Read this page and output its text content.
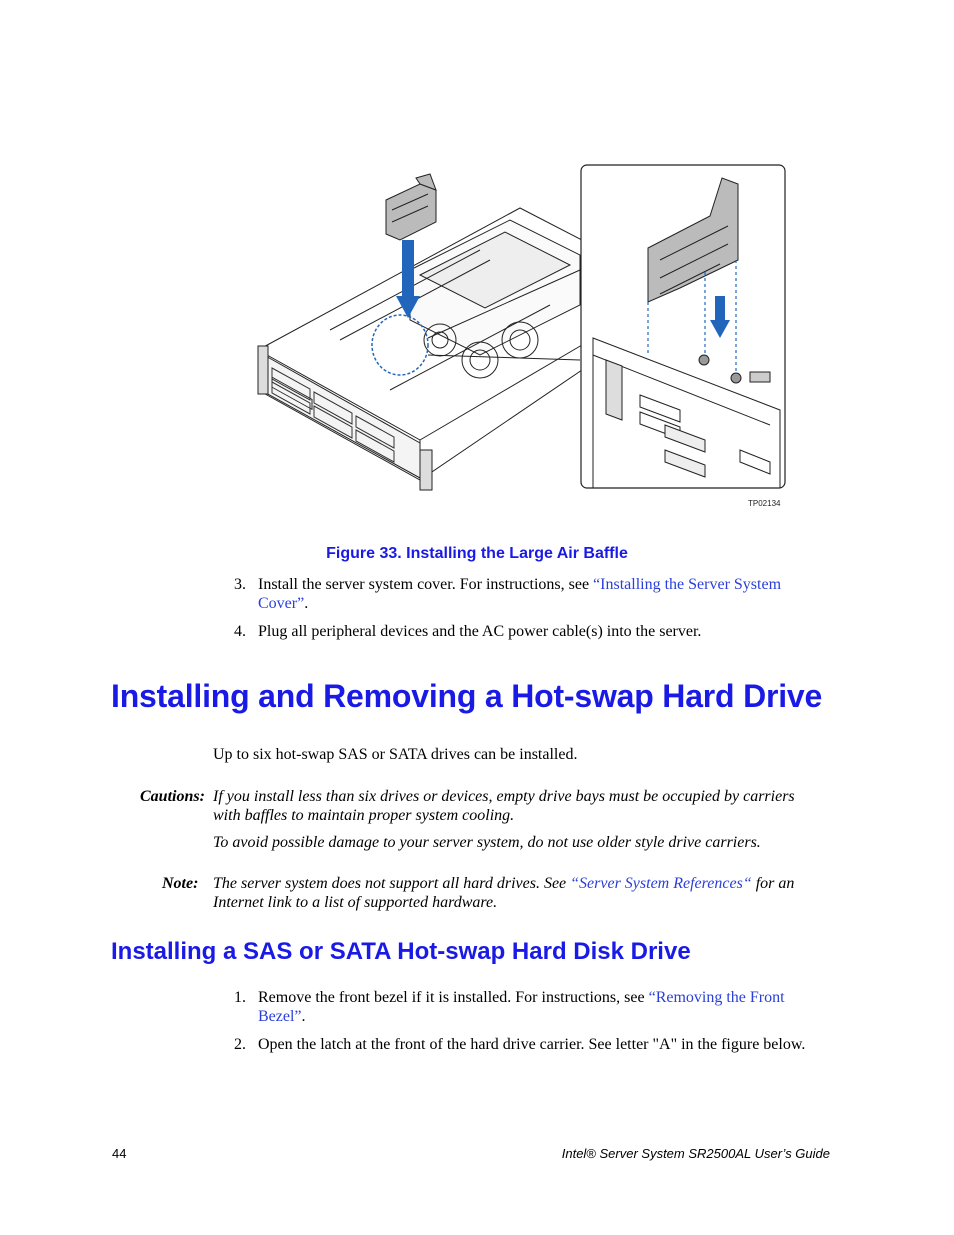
TP02134
Figure 33. Installing the Large Air Baffle
3. Install the server system cover. For instructions, see “Installing the Server System Cover”.
4. Plug all peripheral devices and the AC power cable(s) into the server.
Installing and Removing a Hot-swap Hard Drive
Up to six hot-swap SAS or SATA drives can be installed.
Cautions: If you install less than six drives or devices, empty drive bays must be occupied by carriers with baffles to maintain proper system cooling.
To avoid possible damage to your server system, do not use older style drive carriers.
Note: The server system does not support all hard drives. See “Server System References“ for an Internet link to a list of supported hardware.
Installing a SAS or SATA Hot-swap Hard Disk Drive
1. Remove the front bezel if it is installed. For instructions, see “Removing the Front Bezel”.
2. Open the latch at the front of the hard drive carrier. See letter "A" in the figure below.
44	Intel® Server System SR2500AL User’s Guide
